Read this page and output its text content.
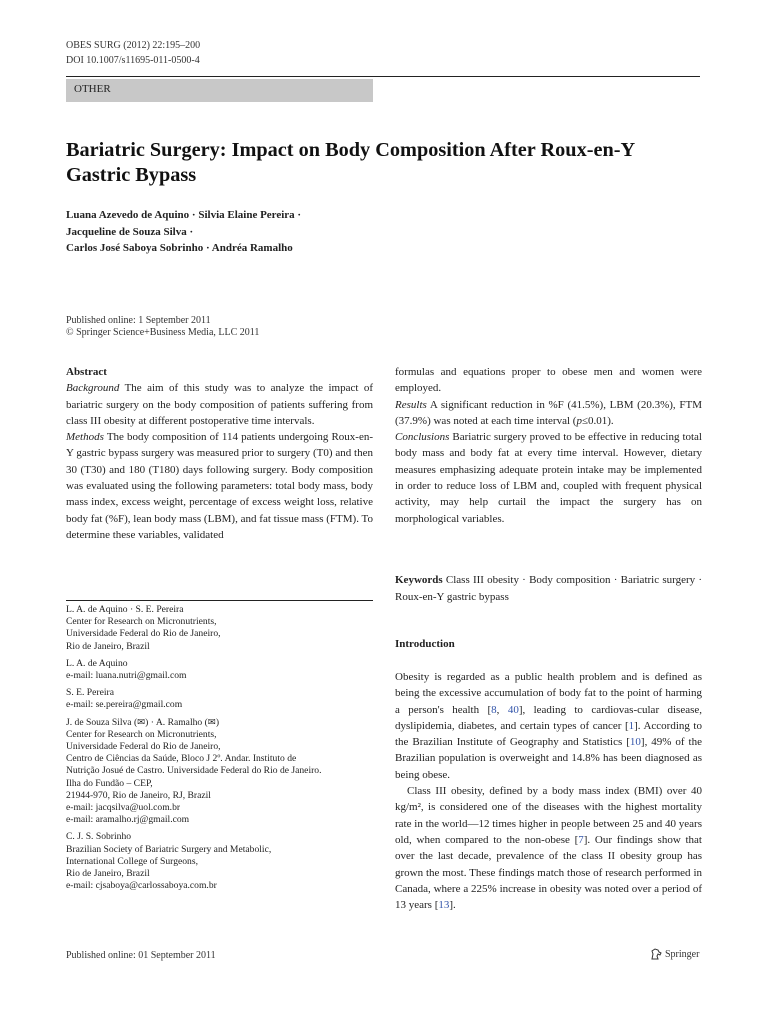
OBES SURG (2012) 22:195–200
DOI 10.1007/s11695-011-0500-4
OTHER
Bariatric Surgery: Impact on Body Composition After Roux-en-Y
Gastric Bypass
Luana Azevedo de Aquino · Silvia Elaine Pereira ·
Jacqueline de Souza Silva ·
Carlos José Saboya Sobrinho · Andréa Ramalho
Published online: 1 September 2011
© Springer Science+Business Media, LLC 2011
Abstract
Background The aim of this study was to analyze the impact of bariatric surgery on the body composition of patients suffering from class III obesity at different postoperative time intervals.
Methods The body composition of 114 patients undergoing Roux-en-Y gastric bypass surgery was measured prior to surgery (T0) and then 30 (T30) and 180 (T180) days following surgery. Body composition was evaluated using the following parameters: total body mass, body mass index, excess weight, percentage of excess weight loss, relative body fat (%F), lean body mass (LBM), and fat tissue mass (FTM). To determine these variables, validated
L. A. de Aquino · S. E. Pereira
Center for Research on Micronutrients,
Universidade Federal do Rio de Janeiro,
Rio de Janeiro, Brazil
L. A. de Aquino
e-mail: luana.nutri@gmail.com
S. E. Pereira
e-mail: se.pereira@gmail.com
J. de Souza Silva (✉) · A. Ramalho (✉)
Center for Research on Micronutrients,
Universidade Federal do Rio de Janeiro,
Centro de Ciências da Saúde, Bloco J 2º. Andar. Instituto de
Nutrição Josué de Castro. Universidade Federal do Rio de Janeiro.
Ilha do Fundão – CEP,
21944-970, Rio de Janeiro, RJ, Brazil
e-mail: jacqsilva@uol.com.br
e-mail: aramalho.rj@gmail.com
C. J. S. Sobrinho
Brazilian Society of Bariatric Surgery and Metabolic,
International College of Surgeons,
Rio de Janeiro, Brazil
e-mail: cjsaboya@carlossaboya.com.br
formulas and equations proper to obese men and women were employed.
Results A significant reduction in %F (41.5%), LBM (20.3%), FTM (37.9%) was noted at each time interval (p≤0.01).
Conclusions Bariatric surgery proved to be effective in reducing total body mass and body fat at every time interval. However, dietary measures emphasizing adequate protein intake may be implemented in order to reduce loss of LBM and, coupled with frequent physical activity, may help curtail the impact the surgery has on morphological variables.
Keywords Class III obesity · Body composition · Bariatric surgery · Roux-en-Y gastric bypass
Introduction
Obesity is regarded as a public health problem and is defined as being the excessive accumulation of body fat to the point of harming a person's health [8, 40], leading to cardiovas-cular disease, dyslipidemia, diabetes, and certain types of cancer [1]. According to the Brazilian Institute of Geography and Statistics [10], 49% of the Brazilian population is overweight and 14.8% has been diagnosed as being obese.
Class III obesity, defined by a body mass index (BMI) over 40 kg/m², is considered one of the diseases with the highest mortality rate in the world—12 times higher in people between 25 and 40 years old, when compared to the non-obese [7]. Our findings show that over the last decade, prevalence of the class II obesity group has grown the most. These findings match those of research performed in Canada, where a 225% increase in obesity was noted over a period of 13 years [13].
Published online: 01 September 2011	Springer
